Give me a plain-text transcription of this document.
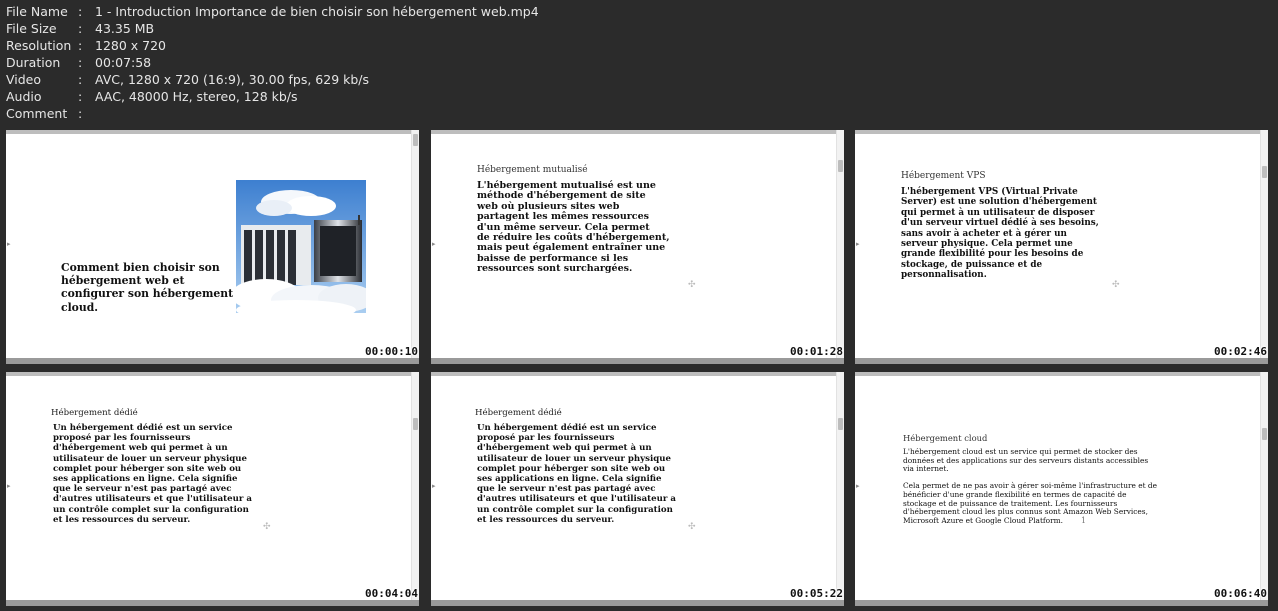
File Name :	1 - Introduction Importance de bien choisir son hébergement web.mp4
File Size	:	43.35 MB
Resolution :	1280 x 720
Duration	:	00:07:58
Video	:	AVC, 1280 x 720 (16:9), 30.00 fps, 629 kb/s
Audio	:	AAC, 48000 Hz, stereo, 128 kb/s
Comment :
▸
Comment bien choisir son
hébergement web et
configurer son hébergement
cloud.
00:00:10
▸
Hébergement mutualisé
L'hébergement mutualisé est une
méthode d'hébergement de site
web où plusieurs sites web
partagent les mêmes ressources
d'un même serveur. Cela permet
de réduire les coûts d'hébergement,
mais peut également entraîner une
baisse de performance si les
ressources sont surchargées.
✣
00:01:28
▸
Hébergement VPS
L'hébergement VPS (Virtual Private
Server) est une solution d'hébergement
qui permet à un utilisateur de disposer
d'un serveur virtuel dédié à ses besoins,
sans avoir à acheter et à gérer un
serveur physique. Cela permet une
grande flexibilité pour les besoins de
stockage, de puissance et de
personnalisation.
✣
00:02:46
▸
Hébergement dédié
Un hébergement dédié est un service
proposé par les fournisseurs
d'hébergement web qui permet à un
utilisateur de louer un serveur physique
complet pour héberger son site web ou
ses applications en ligne. Cela signifie
que le serveur n'est pas partagé avec
d'autres utilisateurs et que l'utilisateur a
un contrôle complet sur la configuration
et les ressources du serveur.
✣
00:04:04
▸
Hébergement dédié
Un hébergement dédié est un service
proposé par les fournisseurs
d'hébergement web qui permet à un
utilisateur de louer un serveur physique
complet pour héberger son site web ou
ses applications en ligne. Cela signifie
que le serveur n'est pas partagé avec
d'autres utilisateurs et que l'utilisateur a
un contrôle complet sur la configuration
et les ressources du serveur.
✣
00:05:22
▸
Hébergement cloud
L'hébergement cloud est un service qui permet de stocker des
données et des applications sur des serveurs distants accessibles
via internet.

Cela permet de ne pas avoir à gérer soi-même l'infrastructure et de
bénéficier d'une grande flexibilité en termes de capacité de
stockage et de puissance de traitement. Les fournisseurs
d'hébergement cloud les plus connus sont Amazon Web Services,
Microsoft Azure et Google Cloud Platform.	1
00:06:40
